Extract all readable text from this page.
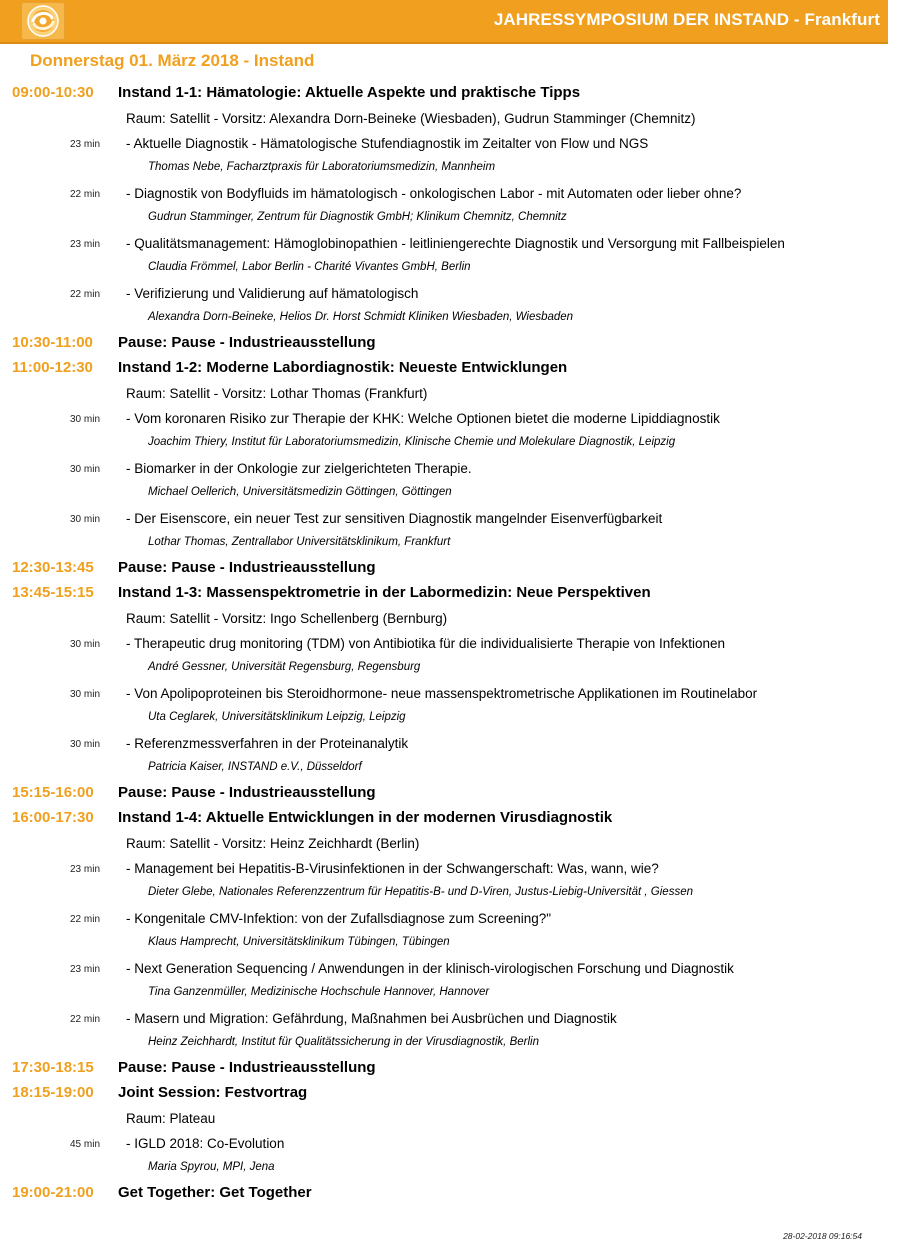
JAHRESSYMPOSIUM DER INSTAND - Frankfurt
Donnerstag 01. März 2018 - Instand
09:00-10:30	Instand 1-1: Hämatologie: Aktuelle Aspekte und praktische Tipps
Raum: Satellit - Vorsitz: Alexandra Dorn-Beineke (Wiesbaden), Gudrun Stamminger (Chemnitz)
23 min - Aktuelle Diagnostik - Hämatologische Stufendiagnostik im Zeitalter von Flow und NGS
Thomas Nebe, Facharztpraxis für Laboratoriumsmedizin, Mannheim
22 min - Diagnostik von Bodyfluids im hämatologisch - onkologischen Labor - mit Automaten oder lieber ohne?
Gudrun Stamminger, Zentrum für Diagnostik GmbH; Klinikum Chemnitz, Chemnitz
23 min - Qualitätsmanagement: Hämoglobinopathien - leitliniengerechte Diagnostik und Versorgung mit Fallbeispielen
Claudia Frömmel, Labor Berlin - Charité Vivantes GmbH, Berlin
22 min - Verifizierung und Validierung auf hämatologisch
Alexandra Dorn-Beineke, Helios Dr. Horst Schmidt Kliniken Wiesbaden, Wiesbaden
10:30-11:00	Pause: Pause - Industrieausstellung
11:00-12:30	Instand 1-2: Moderne Labordiagnostik: Neueste Entwicklungen
Raum: Satellit - Vorsitz: Lothar Thomas (Frankfurt)
30 min - Vom koronaren Risiko zur Therapie der KHK: Welche Optionen bietet die moderne Lipiddiagnostik
Joachim Thiery, Institut für Laboratoriumsmedizin, Klinische Chemie und Molekulare Diagnostik, Leipzig
30 min - Biomarker in der Onkologie zur zielgerichteten Therapie.
Michael Oellerich, Universitätsmedizin Göttingen, Göttingen
30 min - Der Eisenscore, ein neuer Test zur sensitiven Diagnostik mangelnder Eisenverfügbarkeit
Lothar Thomas, Zentrallabor Universitätsklinikum, Frankfurt
12:30-13:45	Pause: Pause - Industrieausstellung
13:45-15:15	Instand 1-3: Massenspektrometrie in der Labormedizin: Neue Perspektiven
Raum: Satellit - Vorsitz: Ingo Schellenberg (Bernburg)
30 min - Therapeutic drug monitoring (TDM) von Antibiotika für die individualisierte Therapie von Infektionen
André Gessner, Universität Regensburg, Regensburg
30 min - Von Apolipoproteinen bis Steroidhormone- neue massenspektrometrische Applikationen im Routinelabor
Uta Ceglarek, Universitätsklinikum Leipzig, Leipzig
30 min - Referenzmessverfahren in der Proteinanalytik
Patricia Kaiser, INSTAND e.V., Düsseldorf
15:15-16:00	Pause: Pause - Industrieausstellung
16:00-17:30	Instand 1-4: Aktuelle Entwicklungen in der modernen Virusdiagnostik
Raum: Satellit - Vorsitz: Heinz Zeichhardt (Berlin)
23 min - Management bei Hepatitis-B-Virusinfektionen in der Schwangerschaft: Was, wann, wie?
Dieter Glebe, Nationales Referenzzentrum für Hepatitis-B- und D-Viren, Justus-Liebig-Universität , Giessen
22 min - Kongenitale CMV-Infektion: von der Zufallsdiagnose zum Screening?"
Klaus Hamprecht, Universitätsklinikum Tübingen, Tübingen
23 min - Next Generation Sequencing / Anwendungen in der klinisch-virologischen Forschung und Diagnostik
Tina Ganzenmüller, Medizinische Hochschule Hannover, Hannover
22 min - Masern und Migration: Gefährdung, Maßnahmen bei Ausbrüchen und Diagnostik
Heinz Zeichhardt, Institut für Qualitätssicherung in der Virusdiagnostik, Berlin
17:30-18:15	Pause: Pause - Industrieausstellung
18:15-19:00	Joint Session: Festvortrag
Raum: Plateau
45 min - IGLD 2018: Co-Evolution
Maria Spyrou, MPI, Jena
19:00-21:00	Get Together: Get Together
28-02-2018 09:16:54
